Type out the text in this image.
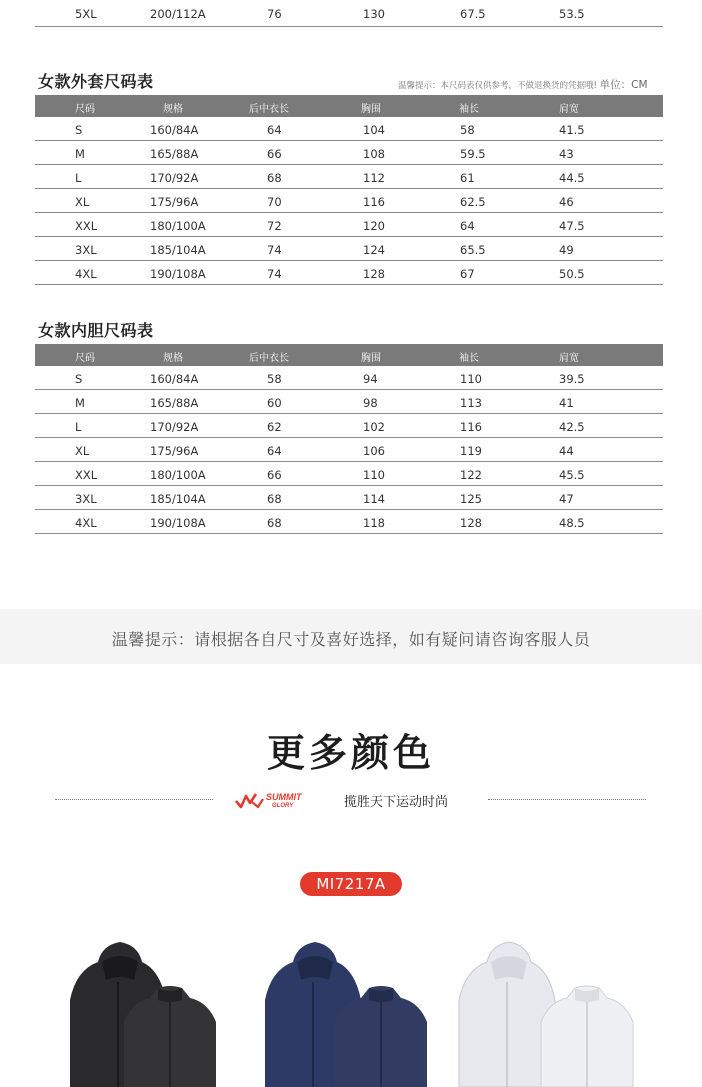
5XL	200/112A	76	130	67.5	53.5
女款外套尺码表	温馨提示：本尺码表仅供参考，不做退换货的凭据哦! 单位：CM
尺码	规格	后中衣长	胸围	袖长	肩宽
S	160/84A	64	104	58	41.5
M	165/88A	66	108	59.5	43
L	170/92A	68	112	61	44.5
XL	175/96A	70	116	62.5	46
XXL	180/100A	72	120	64	47.5
3XL	185/104A	74	124	65.5	49
4XL	190/108A	74	128	67	50.5
女款内胆尺码表
尺码	规格	后中衣长	胸围	袖长	肩宽
S	160/84A	58	94	110	39.5
M	165/88A	60	98	113	41
L	170/92A	62	102	116	42.5
XL	175/96A	64	106	119	44
XXL	180/100A	66	110	122	45.5
3XL	185/104A	68	114	125	47
4XL	190/108A	68	118	128	48.5
温馨提示：请根据各自尺寸及喜好选择，如有疑问请咨询客服人员
更多颜色
SUMMIT
GLORY	揽胜天下运动时尚
MI7217A
